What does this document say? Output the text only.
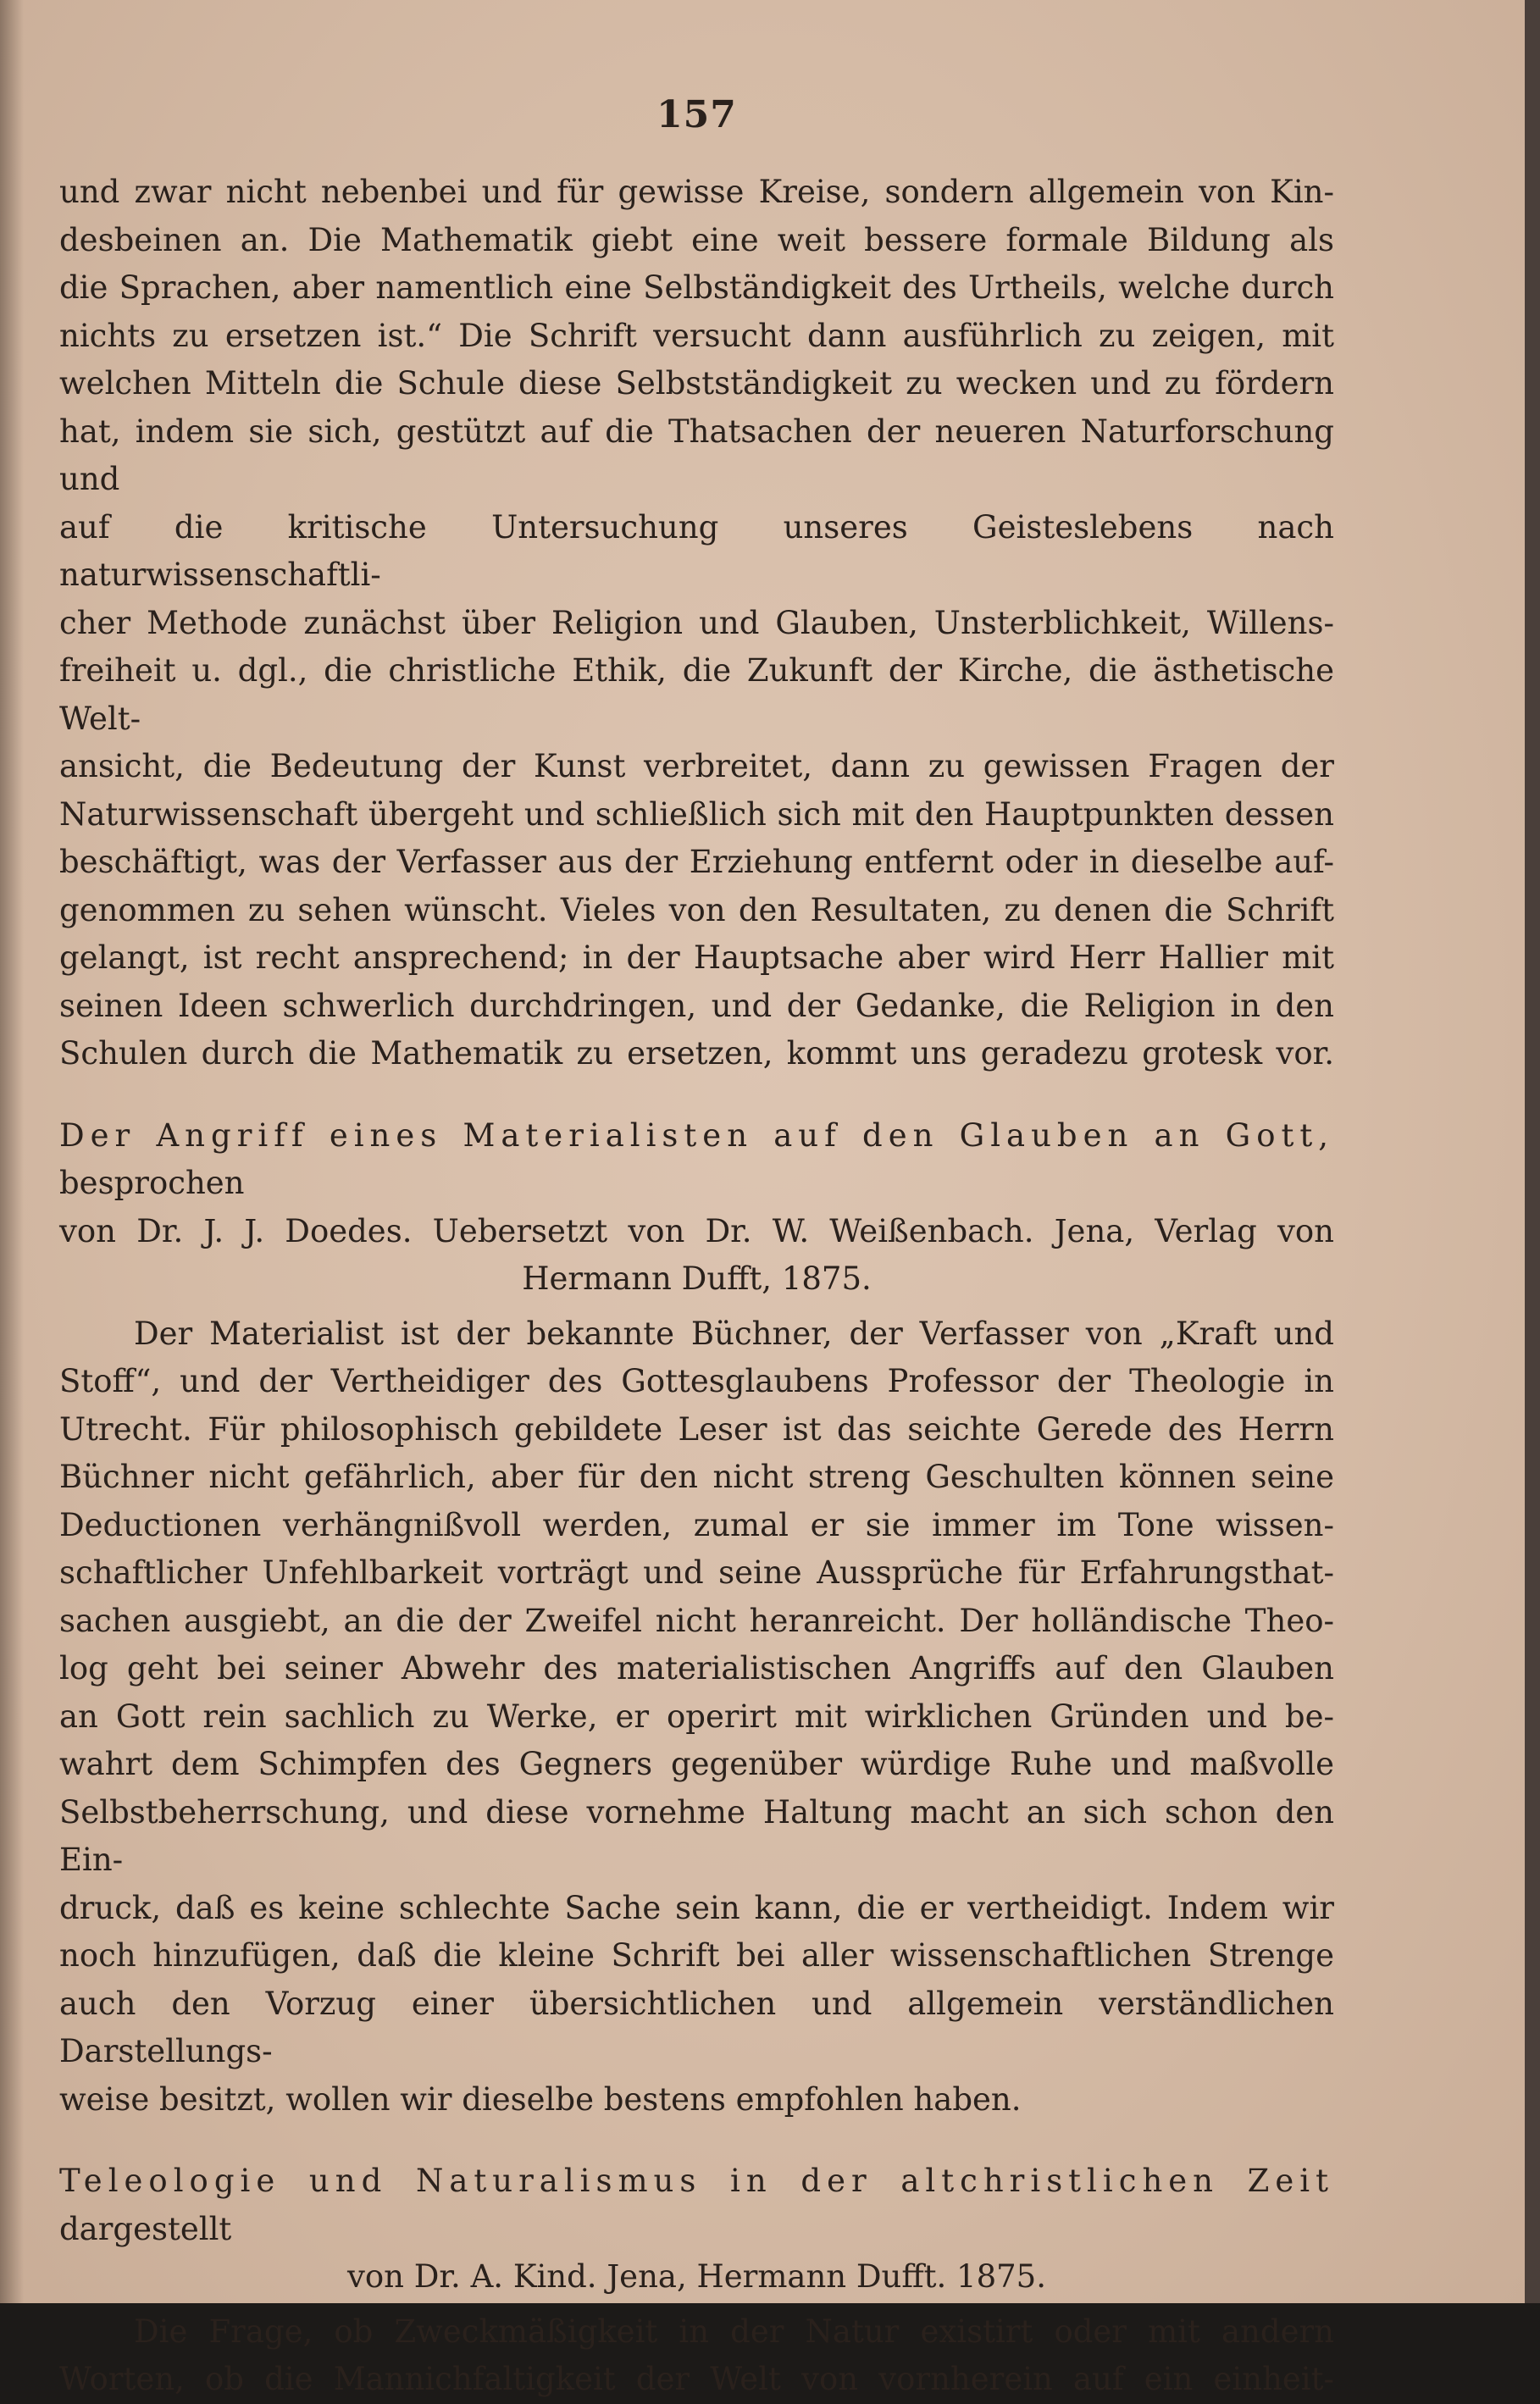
157

und zwar nicht nebenbei und für gewisse Kreise, sondern allgemein von Kin-

desbeinen an. Die Mathematik giebt eine weit bessere formale Bildung als

die Sprachen, aber namentlich eine Selbständigkeit des Urtheils, welche durch

nichts zu ersetzen ist.“ Die Schrift versucht dann ausführlich zu zeigen, mit

welchen Mitteln die Schule diese Selbstständigkeit zu wecken und zu fördern

hat, indem sie sich, gestützt auf die Thatsachen der neueren Naturforschung und

auf die kritische Untersuchung unseres Geisteslebens nach naturwissenschaftli-

cher Methode zunächst über Religion und Glauben, Unsterblichkeit, Willens-

freiheit u. dgl., die christliche Ethik, die Zukunft der Kirche, die ästhetische Welt-

ansicht, die Bedeutung der Kunst verbreitet, dann zu gewissen Fragen der

Naturwissenschaft übergeht und schließlich sich mit den Hauptpunkten dessen

beschäftigt, was der Verfasser aus der Erziehung entfernt oder in dieselbe auf-

genommen zu sehen wünscht. Vieles von den Resultaten, zu denen die Schrift

gelangt, ist recht ansprechend; in der Hauptsache aber wird Herr Hallier mit

seinen Ideen schwerlich durchdringen, und der Gedanke, die Religion in den

Schulen durch die Mathematik zu ersetzen, kommt uns geradezu grotesk vor.

Der Angriff eines Materialisten auf den Glauben an Gott, besprochen

von Dr. J. J. Doedes. Uebersetzt von Dr. W. Weißenbach. Jena, Verlag von

Hermann Dufft, 1875.

Der Materialist ist der bekannte Büchner, der Verfasser von „Kraft und

Stoff“, und der Vertheidiger des Gottesglaubens Professor der Theologie in

Utrecht. Für philosophisch gebildete Leser ist das seichte Gerede des Herrn

Büchner nicht gefährlich, aber für den nicht streng Geschulten können seine

Deductionen verhängnißvoll werden, zumal er sie immer im Tone wissen-

schaftlicher Unfehlbarkeit vorträgt und seine Aussprüche für Erfahrungsthat-

sachen ausgiebt, an die der Zweifel nicht heranreicht. Der holländische Theo-

log geht bei seiner Abwehr des materialistischen Angriffs auf den Glauben

an Gott rein sachlich zu Werke, er operirt mit wirklichen Gründen und be-

wahrt dem Schimpfen des Gegners gegenüber würdige Ruhe und maßvolle

Selbstbeherrschung, und diese vornehme Haltung macht an sich schon den Ein-

druck, daß es keine schlechte Sache sein kann, die er vertheidigt. Indem wir

noch hinzufügen, daß die kleine Schrift bei aller wissenschaftlichen Strenge

auch den Vorzug einer übersichtlichen und allgemein verständlichen Darstellungs-

weise besitzt, wollen wir dieselbe bestens empfohlen haben.

Teleologie und Naturalismus in der altchristlichen Zeit dargestellt

von Dr. A. Kind. Jena, Hermann Dufft. 1875.

Die Frage, ob Zweckmäßigkeit in der Natur existirt oder mit andern

Worten, ob die Mannichfaltigkeit der Welt von vornherein auf ein einheit-
